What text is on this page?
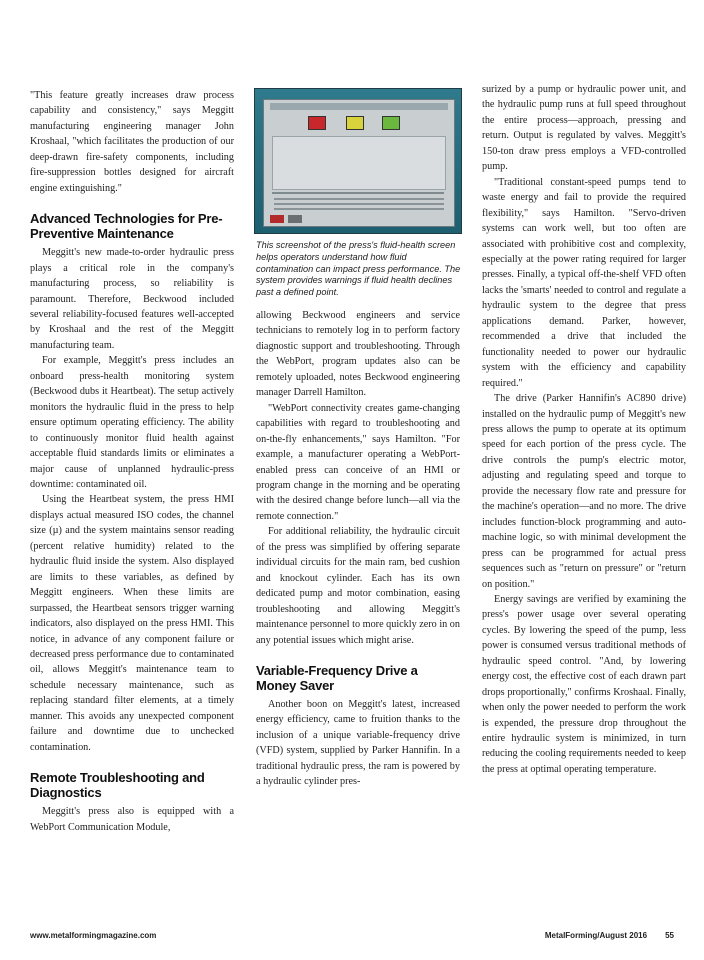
"This feature greatly increases draw process capability and consistency," says Meggitt manufacturing engineering manager John Kroshaal, "which facilitates the production of our deep-drawn fire-safety components, including fire-suppression bottles designed for aircraft engine extinguishing."

Advanced Technologies for Pre-Preventive Maintenance

Meggitt's new made-to-order hydraulic press plays a critical role in the company's manufacturing process, so reliability is paramount. Therefore, Beckwood included several reliability-focused features well-accepted by Kroshaal and the rest of the Meggitt manufacturing team.

For example, Meggitt's press includes an onboard press-health monitoring system (Beckwood dubs it Heartbeat). The setup actively monitors the hydraulic fluid in the press to help ensure optimum operating efficiency. The ability to continuously monitor fluid health against acceptable fluid standards limits or eliminates a major cause of unplanned hydraulic-press downtime: contaminated oil.

Using the Heartbeat system, the press HMI displays actual measured ISO codes, the channel size (µ) and the system maintains sensor reading (percent relative humidity) related to the hydraulic fluid inside the system. Also displayed are limits to these variables, as defined by Meggitt engineers. When these limits are surpassed, the Heartbeat sensors trigger warning indicators, also displayed on the press HMI. This notice, in advance of any component failure or decreased press performance due to contaminated oil, allows Meggitt's maintenance team to schedule necessary maintenance, such as replacing standard filter elements, at a timely manner. This avoids any unexpected component failure and downtime due to unchecked contamination.

Remote Troubleshooting and Diagnostics

Meggitt's press also is equipped with a WebPort Communication Module,

This screenshot of the press's fluid-health screen helps operators understand how fluid contamination can impact press performance. The system provides warnings if fluid health declines past a defined point.

allowing Beckwood engineers and service technicians to remotely log in to perform factory diagnostic support and troubleshooting. Through the WebPort, program updates also can be remotely uploaded, notes Beckwood engineering manager Darrell Hamilton.

"WebPort connectivity creates game-changing capabilities with regard to troubleshooting and on-the-fly enhancements," says Hamilton. "For example, a manufacturer operating a WebPort-enabled press can conceive of an HMI or program change in the morning and be operating with the desired change before lunch—all via the remote connection."

For additional reliability, the hydraulic circuit of the press was simplified by offering separate individual circuits for the main ram, bed cushion and knockout cylinder. Each has its own dedicated pump and motor combination, easing troubleshooting and allowing Meggitt's maintenance personnel to more quickly zero in on any potential issues which might arise.

Variable-Frequency Drive a Money Saver

Another boon on Meggitt's latest, increased energy efficiency, came to fruition thanks to the inclusion of a unique variable-frequency drive (VFD) system, supplied by Parker Hannifin. In a traditional hydraulic press, the ram is powered by a hydraulic cylinder pres-

surized by a pump or hydraulic power unit, and the hydraulic pump runs at full speed throughout the entire process—approach, pressing and return. Output is regulated by valves. Meggitt's 150-ton draw press employs a VFD-controlled pump.

"Traditional constant-speed pumps tend to waste energy and fail to provide the required flexibility," says Hamilton. "Servo-driven systems can work well, but too often are associated with prohibitive cost and complexity, especially at the power rating required for larger presses. Finally, a typical off-the-shelf VFD often lacks the 'smarts' needed to control and regulate a hydraulic system to the degree that press applications demand. Parker, however, recommended a drive that included the functionality needed to power our hydraulic system with the efficiency and capability required."

The drive (Parker Hannifin's AC890 drive) installed on the hydraulic pump of Meggitt's new press allows the pump to operate at its optimum speed for each portion of the press cycle. The drive controls the pump's electric motor, adjusting and regulating speed and torque to provide the necessary flow rate and pressure for the machine's operation—and no more. The drive includes function-block programming and auto-machine logic, so with minimal development the press can be programmed for actual press sequences such as "return on pressure" or "return on position."

Energy savings are verified by examining the press's power usage over several operating cycles. By lowering the speed of the pump, less power is consumed versus traditional methods of hydraulic speed control. "And, by lowering energy cost, the effective cost of each drawn part drops proportionally," confirms Kroshaal. Finally, when only the power needed to perform the work is expended, the pressure drop throughout the entire hydraulic system is minimized, in turn reducing the cooling requirements needed to keep the press at optimal operating temperature.

www.metalformingmagazine.com	MetalForming/August 2016 55
